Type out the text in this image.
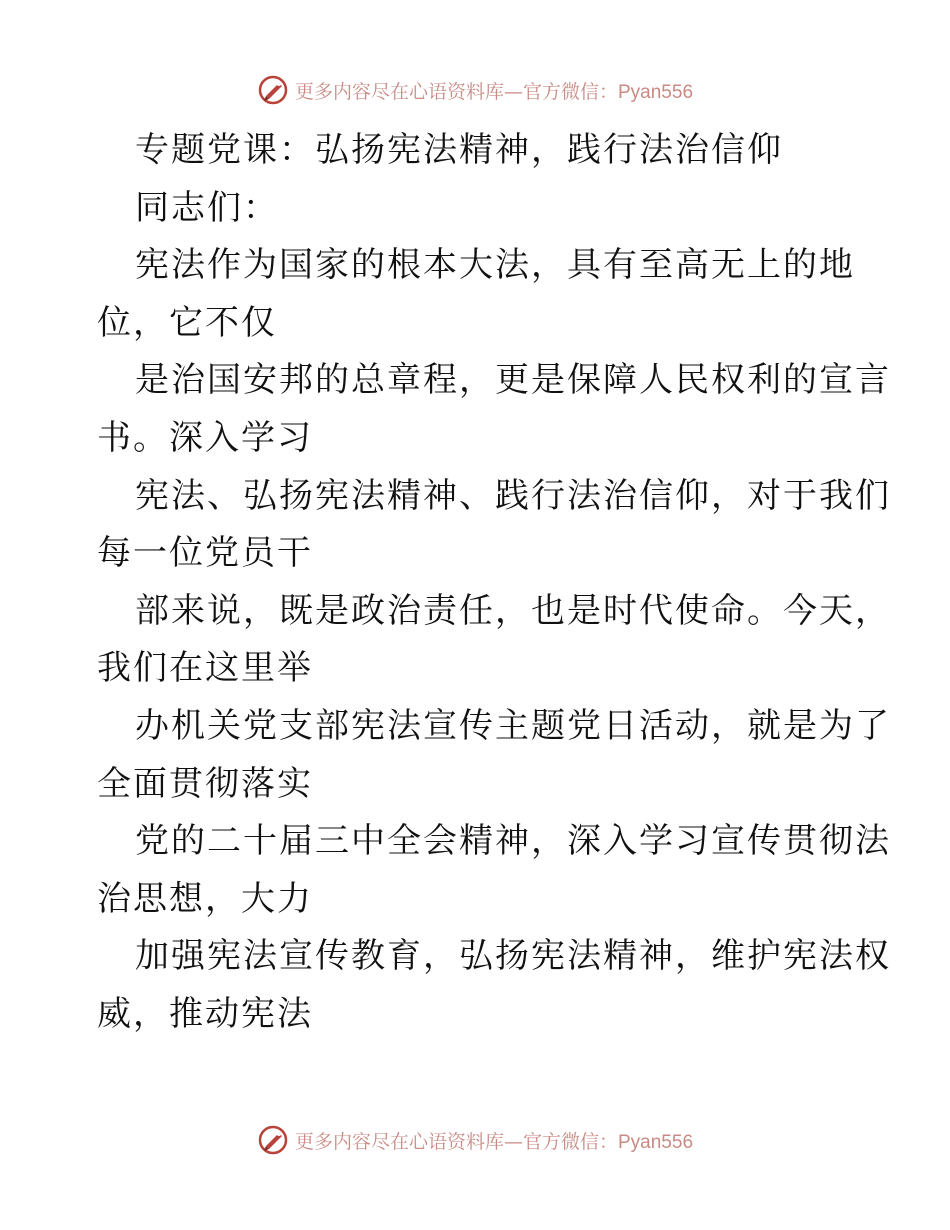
更多内容尽在心语资料库—官方微信：Pyan556
专题党课：弘扬宪法精神，践行法治信仰
同志们：
宪法作为国家的根本大法，具有至高无上的地
位，它不仅
是治国安邦的总章程，更是保障人民权利的宣言
书。深入学习
宪法、弘扬宪法精神、践行法治信仰，对于我们
每一位党员干
部来说，既是政治责任，也是时代使命。今天，
我们在这里举
办机关党支部宪法宣传主题党日活动，就是为了
全面贯彻落实
党的二十届三中全会精神，深入学习宣传贯彻法
治思想，大力
加强宪法宣传教育，弘扬宪法精神，维护宪法权
威，推动宪法
更多内容尽在心语资料库—官方微信：Pyan556
